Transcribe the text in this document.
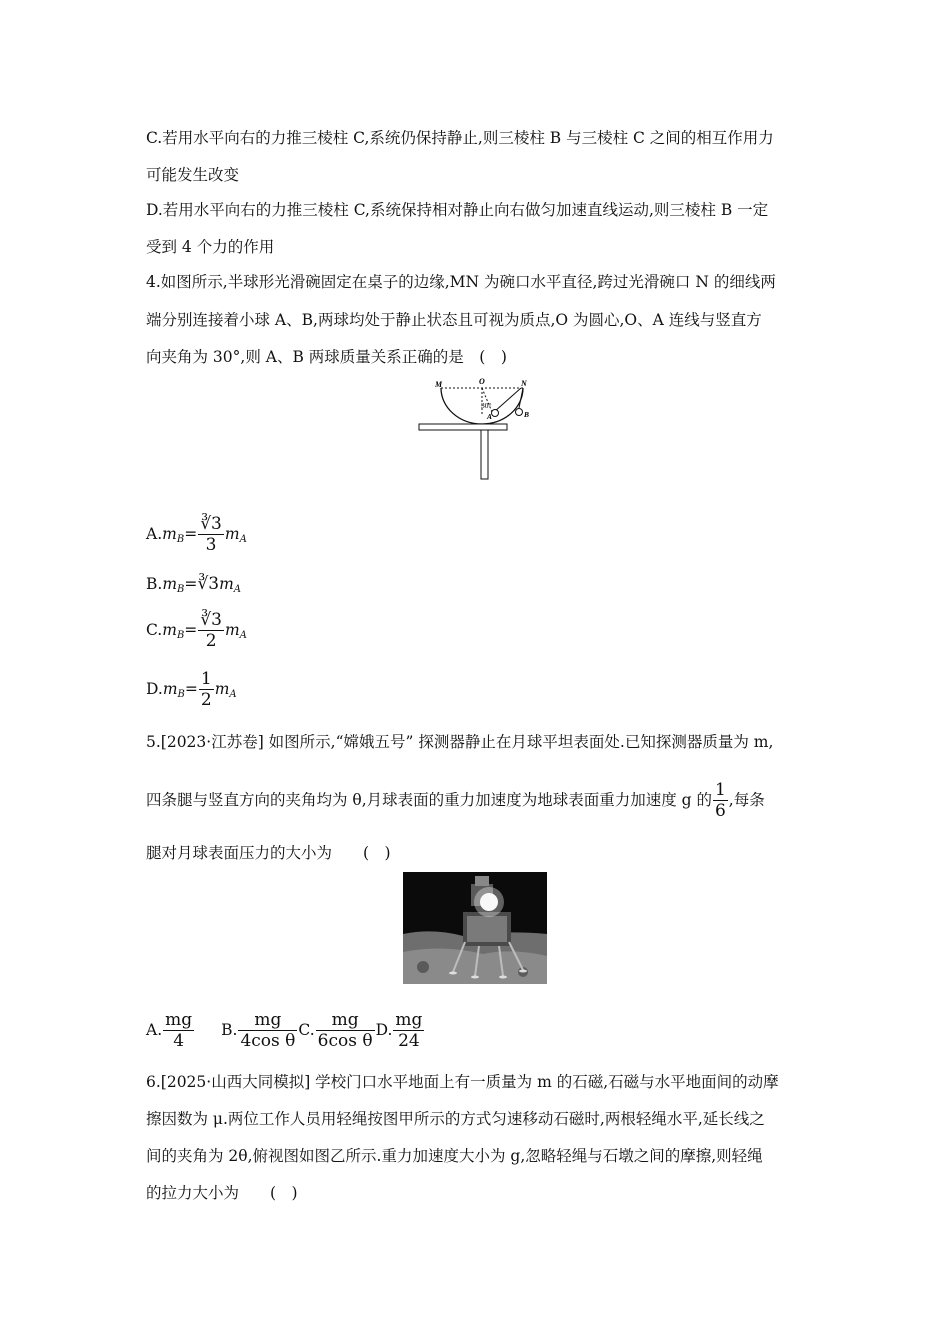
C.若用水平向右的力推三棱柱 C,系统仍保持静止,则三棱柱 B 与三棱柱 C 之间的相互作用力
可能发生改变
D.若用水平向右的力推三棱柱 C,系统保持相对静止向右做匀加速直线运动,则三棱柱 B 一定
受到 4 个力的作用
4.如图所示,半球形光滑碗固定在桌子的边缘,MN 为碗口水平直径,跨过光滑碗口 N 的细线两
端分别连接着小球 A、B,两球均处于静止状态且可视为质点,O 为圆心,O、A 连线与竖直方
向夹角为 30°,则 A、B 两球质量关系正确的是　(　)
M	O	N
30°
A	B
$A.m_B= \frac{∛3}{3} m_A$
$B.m_B=∛3m_A$
$C.m_B= \frac{∛3}{2} m_A$
$D.m_B= \frac{1}{2} m_A$
5.[2023·江苏卷] 如图所示,“嫦娥五号” 探测器静止在月球平坦表面处.已知探测器质量为 m,
四条腿与竖直方向的夹角均为 θ,月球表面的重力加速度为地球表面重力加速度 g 的 $\frac{1}{6}$ ,每条
腿对月球表面压力的大小为　　(　)
A. $\frac{mg}{4} B$. $\frac{mg}{\text{4cos θ}} C$. $\frac{mg}{\text{6cos θ}} D$. $\frac{mg}{24}$
6.[2025·山西大同模拟] 学校门口水平地面上有一质量为 m 的石磁,石磁与水平地面间的动摩
擦因数为 μ.两位工作人员用轻绳按图甲所示的方式匀速移动石磁时,两根轻绳水平,延长线之
间的夹角为 2θ,俯视图如图乙所示.重力加速度大小为 g,忽略轻绳与石墩之间的摩擦,则轻绳
的拉力大小为　　(　)
